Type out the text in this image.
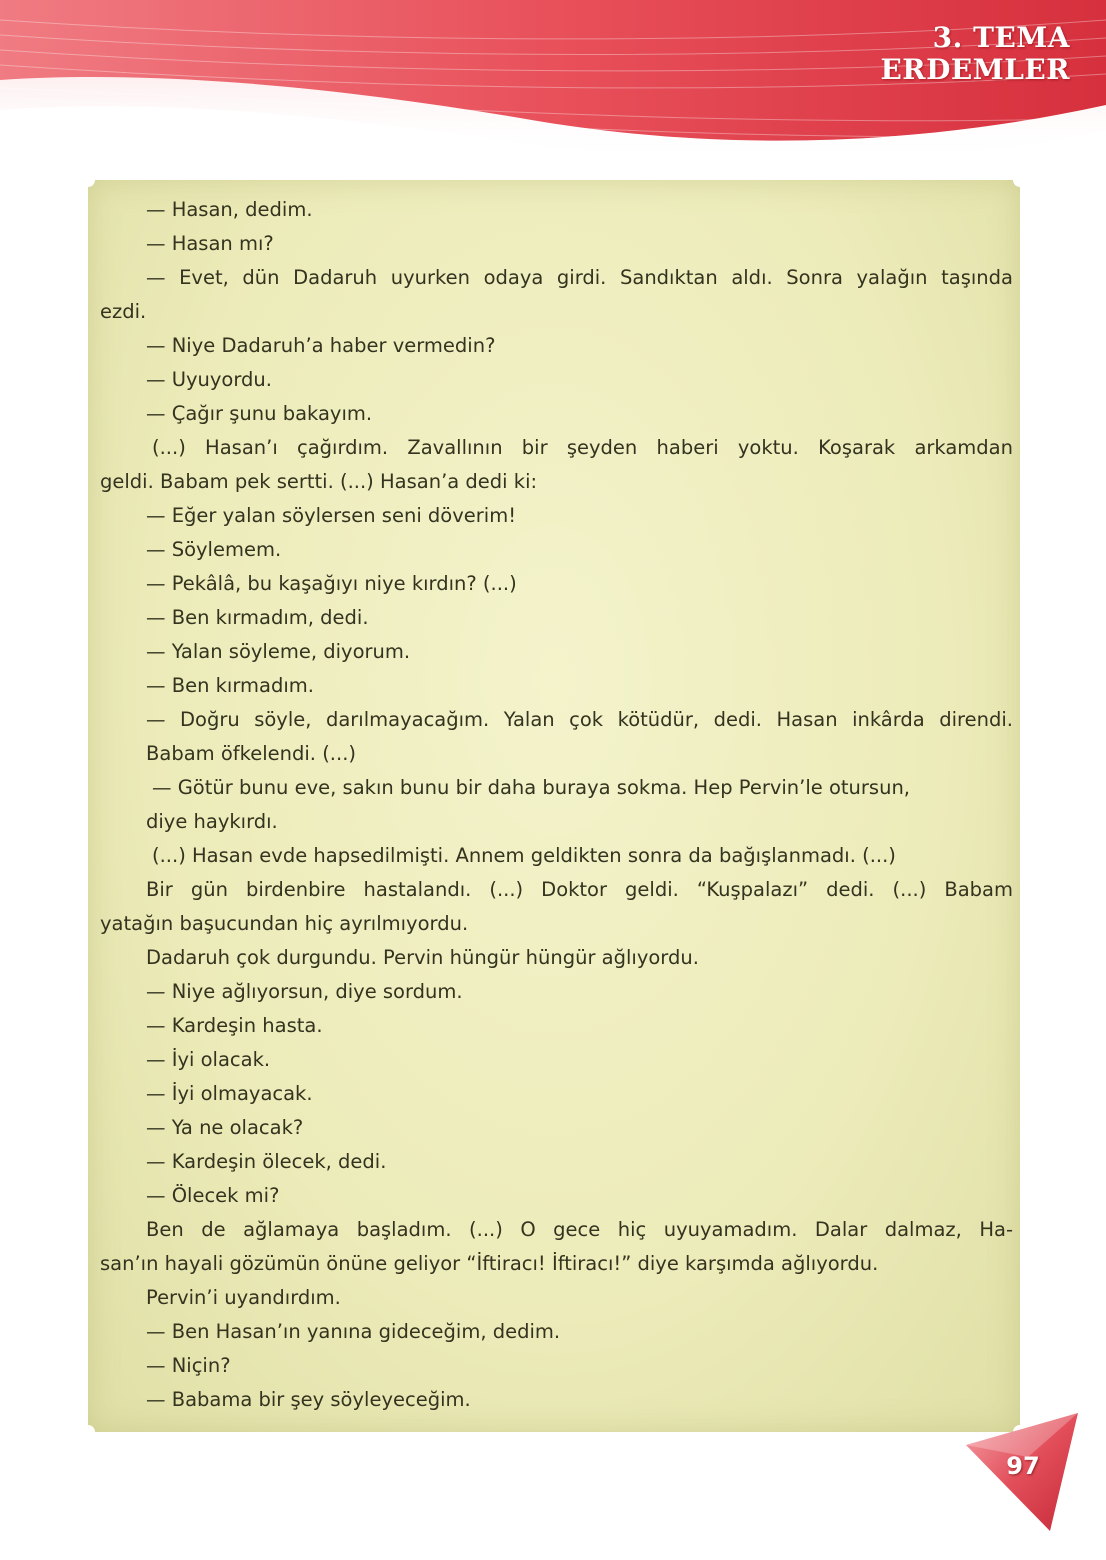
3. TEMA
ERDEMLER
— Hasan, dedim.
— Hasan mı?
— Evet, dün Dadaruh uyurken odaya girdi. Sandıktan aldı. Sonra yalağın taşında
ezdi.
— Niye Dadaruh’a haber vermedin?
— Uyuyordu.
— Çağır şunu bakayım.
(...) Hasan’ı çağırdım. Zavallının bir şeyden haberi yoktu. Koşarak arkamdan
geldi. Babam pek sertti. (...) Hasan’a dedi ki:
— Eğer yalan söylersen seni döverim!
— Söylemem.
— Pekâlâ, bu kaşağıyı niye kırdın? (...)
— Ben kırmadım, dedi.
— Yalan söyleme, diyorum.
— Ben kırmadım.
— Doğru söyle, darılmayacağım. Yalan çok kötüdür, dedi. Hasan inkârda direndi.
Babam öfkelendi. (...)
— Götür bunu eve, sakın bunu bir daha buraya sokma. Hep Pervin’le otursun,
diye haykırdı.
(...) Hasan evde hapsedilmişti. Annem geldikten sonra da bağışlanmadı. (...)
Bir gün birdenbire hastalandı. (...) Doktor geldi. “Kuşpalazı” dedi. (...) Babam
yatağın başucundan hiç ayrılmıyordu.
Dadaruh çok durgundu. Pervin hüngür hüngür ağlıyordu.
— Niye ağlıyorsun, diye sordum.
— Kardeşin hasta.
— İyi olacak.
— İyi olmayacak.
— Ya ne olacak?
— Kardeşin ölecek, dedi.
— Ölecek mi?
Ben de ağlamaya başladım. (...) O gece hiç uyuyamadım. Dalar dalmaz, Ha-
san’ın hayali gözümün önüne geliyor “İftiracı! İftiracı!” diye karşımda ağlıyordu.
Pervin’i uyandırdım.
— Ben Hasan’ın yanına gideceğim, dedim.
— Niçin?
— Babama bir şey söyleyeceğim.
97
